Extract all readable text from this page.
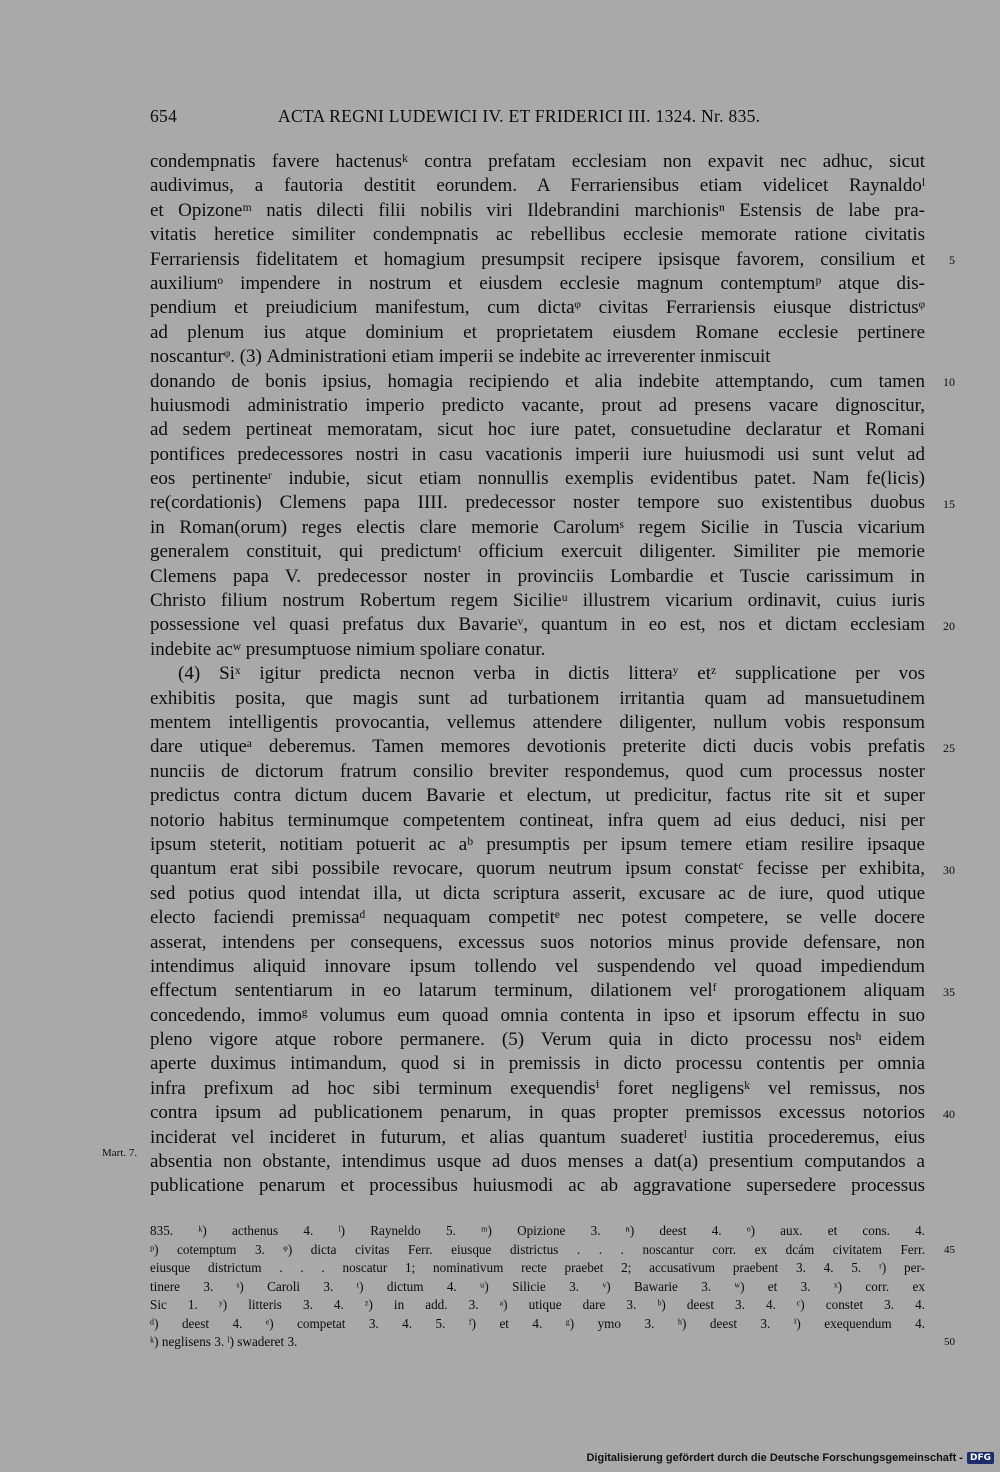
654	ACTA REGNI LUDEWICI IV. ET FRIDERICI III. 1324. Nr. 835.
condempnatis favere hactenusᵏ contra prefatam ecclesiam non expavit nec adhuc, sicut
audivimus, a fautoria destitit eorundem. A Ferrariensibus etiam videlicet Raynaldoˡ
et Opizoneᵐ natis dilecti filii nobilis viri Ildebrandini marchionisⁿ Estensis de labe pra-
vitatis heretice similiter condempnatis ac rebellibus ecclesie memorate ratione civitatis
Ferrariensis fidelitatem et homagium presumpsit recipere ipsisque favorem, consilium et
auxiliumᵒ impendere in nostrum et eiusdem ecclesie magnum contemptumᵖ atque dis-
pendium et preiudicium manifestum, cum dictaᵠ civitas Ferrariensis eiusque districtusᵠ
ad plenum ius atque dominium et proprietatem eiusdem Romane ecclesie pertinere
noscanturᵠ. (3) Administrationi etiam imperii se indebite ac irreverenter inmiscuit
donando de bonis ipsius, homagia recipiendo et alia indebite attemptando, cum tamen
huiusmodi administratio imperio predicto vacante, prout ad presens vacare dignoscitur,
ad sedem pertineat memoratam, sicut hoc iure patet, consuetudine declaratur et Romani
pontifices predecessores nostri in casu vacationis imperii iure huiusmodi usi sunt velut ad
eos pertinenteʳ indubie, sicut etiam nonnullis exemplis evidentibus patet. Nam fe(licis)
re(cordationis) Clemens papa IIII. predecessor noster tempore suo existentibus duobus
in Roman(orum) reges electis clare memorie Carolumˢ regem Sicilie in Tuscia vicarium
generalem constituit, qui predictumᵗ officium exercuit diligenter. Similiter pie memorie
Clemens papa V. predecessor noster in provinciis Lombardie et Tuscie carissimum in
Christo filium nostrum Robertum regem Sicilieᵘ illustrem vicarium ordinavit, cuius iuris
possessione vel quasi prefatus dux Bavarieᵛ, quantum in eo est, nos et dictam ecclesiam
indebite acʷ presumptuose nimium spoliare conatur.
(4) Siˣ igitur predicta necnon verba in dictis litteraʸ etᶻ supplicatione per vos
exhibitis posita, que magis sunt ad turbationem irritantia quam ad mansuetudinem
mentem intelligentis provocantia, vellemus attendere diligenter, nullum vobis responsum
dare utiqueᵃ deberemus. Tamen memores devotionis preterite dicti ducis vobis prefatis
nunciis de dictorum fratrum consilio breviter respondemus, quod cum processus noster
predictus contra dictum ducem Bavarie et electum, ut predicitur, factus rite sit et super
notorio habitus terminumque competentem contineat, infra quem ad eius deduci, nisi per
ipsum steterit, notitiam potuerit ac aᵇ presumptis per ipsum temere etiam resilire ipsaque
quantum erat sibi possibile revocare, quorum neutrum ipsum constatᶜ fecisse per exhibita,
sed potius quod intendat illa, ut dicta scriptura asserit, excusare ac de iure, quod utique
electo faciendi premissaᵈ nequaquam competitᵉ nec potest competere, se velle docere
asserat, intendens per consequens, excessus suos notorios minus provide defensare, non
intendimus aliquid innovare ipsum tollendo vel suspendendo vel quoad impediendum
effectum sententiarum in eo latarum terminum, dilationem velᶠ prorogationem aliquam
concedendo, immoᵍ volumus eum quoad omnia contenta in ipso et ipsorum effectu in suo
pleno vigore atque robore permanere. (5) Verum quia in dicto processu nosʰ eidem
aperte duximus intimandum, quod si in premissis in dicto processu contentis per omnia
infra prefixum ad hoc sibi terminum exequendisⁱ foret negligensᵏ vel remissus, nos
contra ipsum ad publicationem penarum, in quas propter premissos excessus notorios
inciderat vel incideret in futurum, et alias quantum suaderetˡ iustitia procederemus, eius
absentia non obstante, intendimus usque ad duos menses a dat(a) presentium computandos a
publicatione penarum et processibus huiusmodi ac ab aggravatione supersedere processus
5
10
15
20
25
30
35
40
Mart. 7.
835. ᵏ) acthenus 4. ˡ) Rayneldo 5. ᵐ) Opizione 3. ⁿ) deest 4. ᵒ) aux. et cons. 4.
ᵖ) cotemptum 3. ᵠ) dicta civitas Ferr. eiusque districtus . . . noscantur corr. ex dcám civitatem Ferr.
eiusque districtum . . . noscatur 1; nominativum recte praebet 2; accusativum praebent 3. 4. 5. ʳ) per-
tinere 3. ˢ) Caroli 3. ᵗ) dictum 4. ᵘ) Silicie 3. ᵛ) Bawarie 3. ʷ) et 3. ˣ) corr. ex
Sic 1. ʸ) litteris 3. 4. ᶻ) in add. 3. ᵃ) utique dare 3. ᵇ) deest 3. 4. ᶜ) constet 3. 4.
ᵈ) deest 4. ᵉ) competat 3. 4. 5. ᶠ) et 4. ᵍ) ymo 3. ʰ) deest 3. ⁱ) exequendum 4.
ᵏ) neglisens 3. ˡ) swaderet 3.
45
50
Digitalisierung gefördert durch die Deutsche Forschungsgemeinschaft - DFG
